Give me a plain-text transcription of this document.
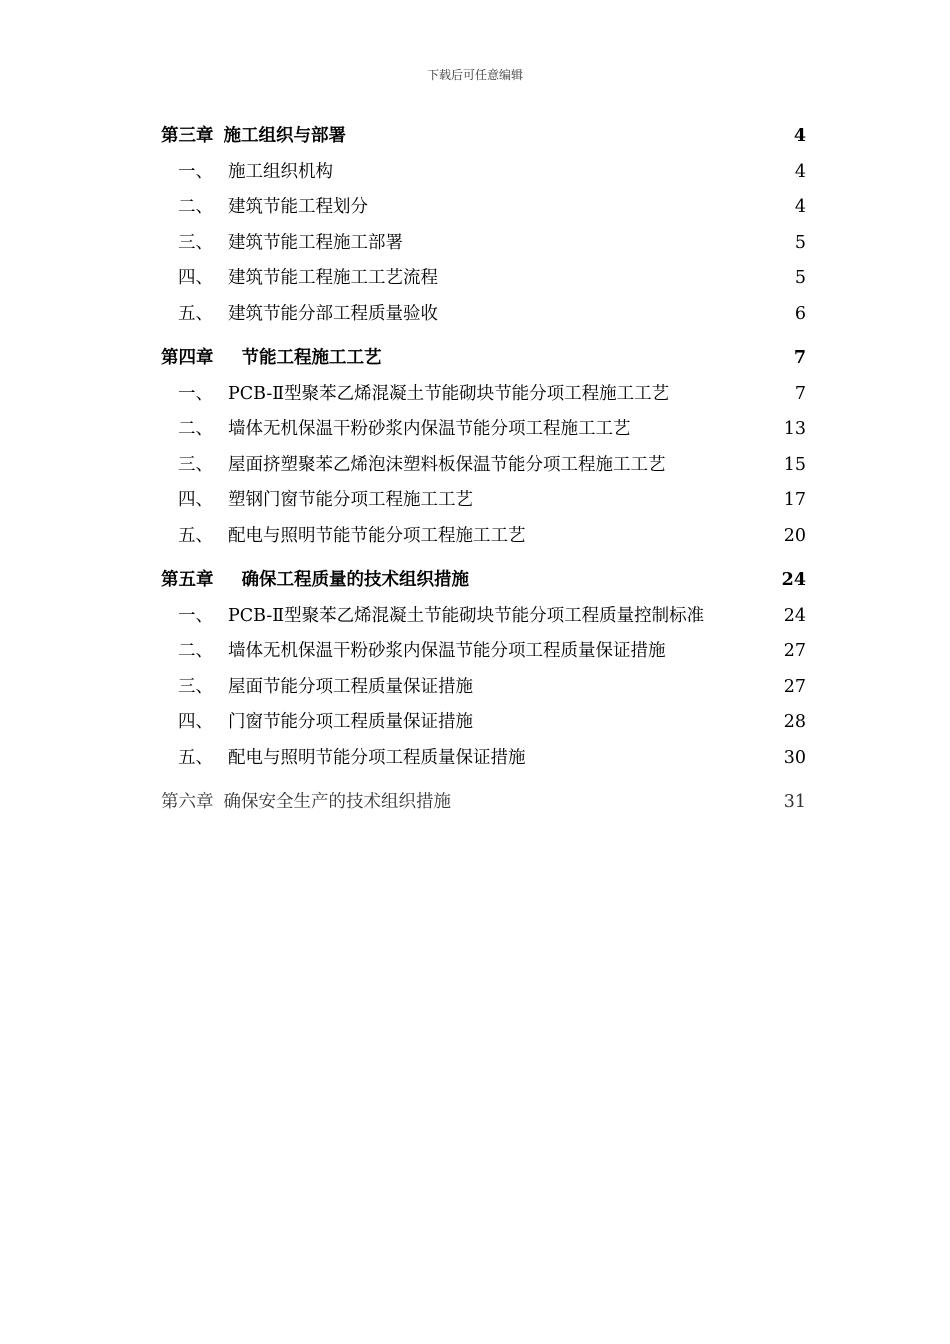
下载后可任意编辑
第三章 施工组织与部署	4
一、 施工组织机构	4
二、 建筑节能工程划分	4
三、 建筑节能工程施工部署	5
四、 建筑节能工程施工工艺流程	5
五、 建筑节能分部工程质量验收	6
第四章	节能工程施工工艺	7
一、 PCB-Ⅱ型聚苯乙烯混凝土节能砌块节能分项工程施工工艺	7
二、 墙体无机保温干粉砂浆内保温节能分项工程施工工艺	13
三、 屋面挤塑聚苯乙烯泡沫塑料板保温节能分项工程施工工艺	15
四、 塑钢门窗节能分项工程施工工艺	17
五、 配电与照明节能节能分项工程施工工艺	20
第五章	确保工程质量的技术组织措施	24
一、 PCB-Ⅱ型聚苯乙烯混凝土节能砌块节能分项工程质量控制标准	24
二、 墙体无机保温干粉砂浆内保温节能分项工程质量保证措施	27
三、 屋面节能分项工程质量保证措施	27
四、 门窗节能分项工程质量保证措施	28
五、 配电与照明节能分项工程质量保证措施	30
第六章 确保安全生产的技术组织措施	31
